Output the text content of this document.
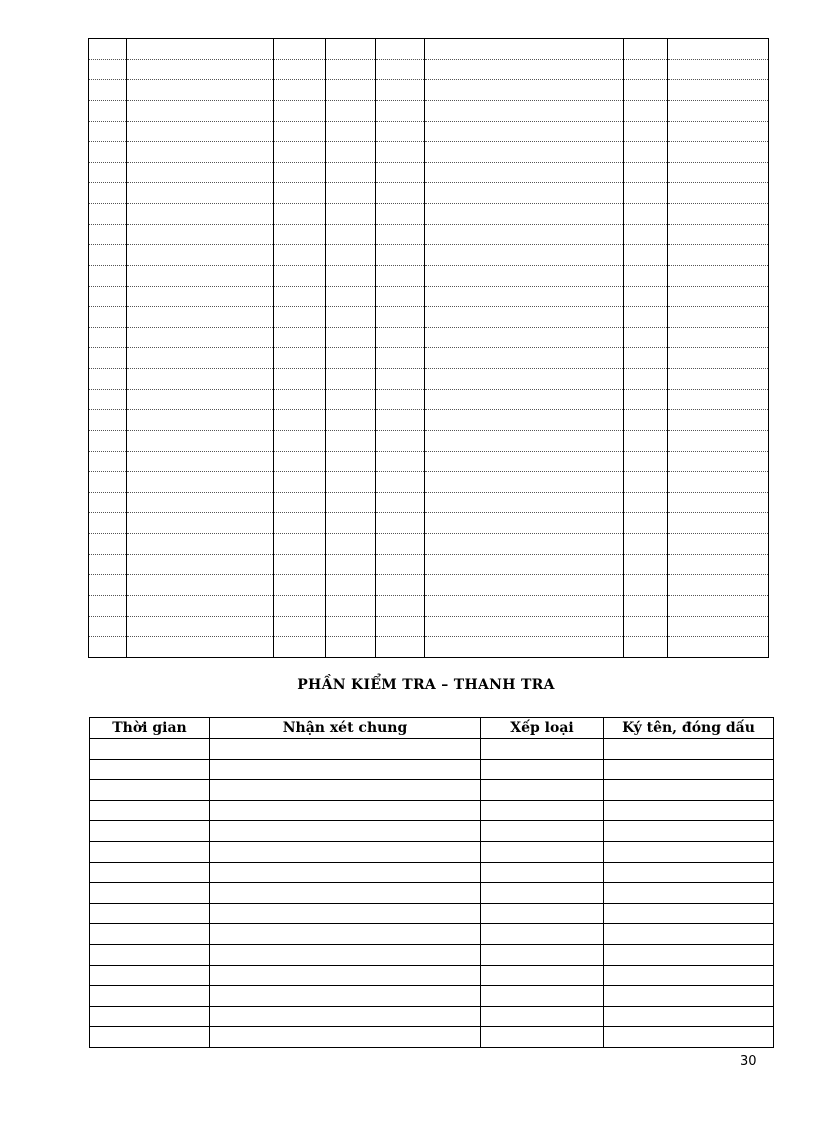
PHẦN KIỂM TRA – THANH TRA
Thời gian	Nhận xét chung	Xếp loại	Ký tên, đóng dấu

30
